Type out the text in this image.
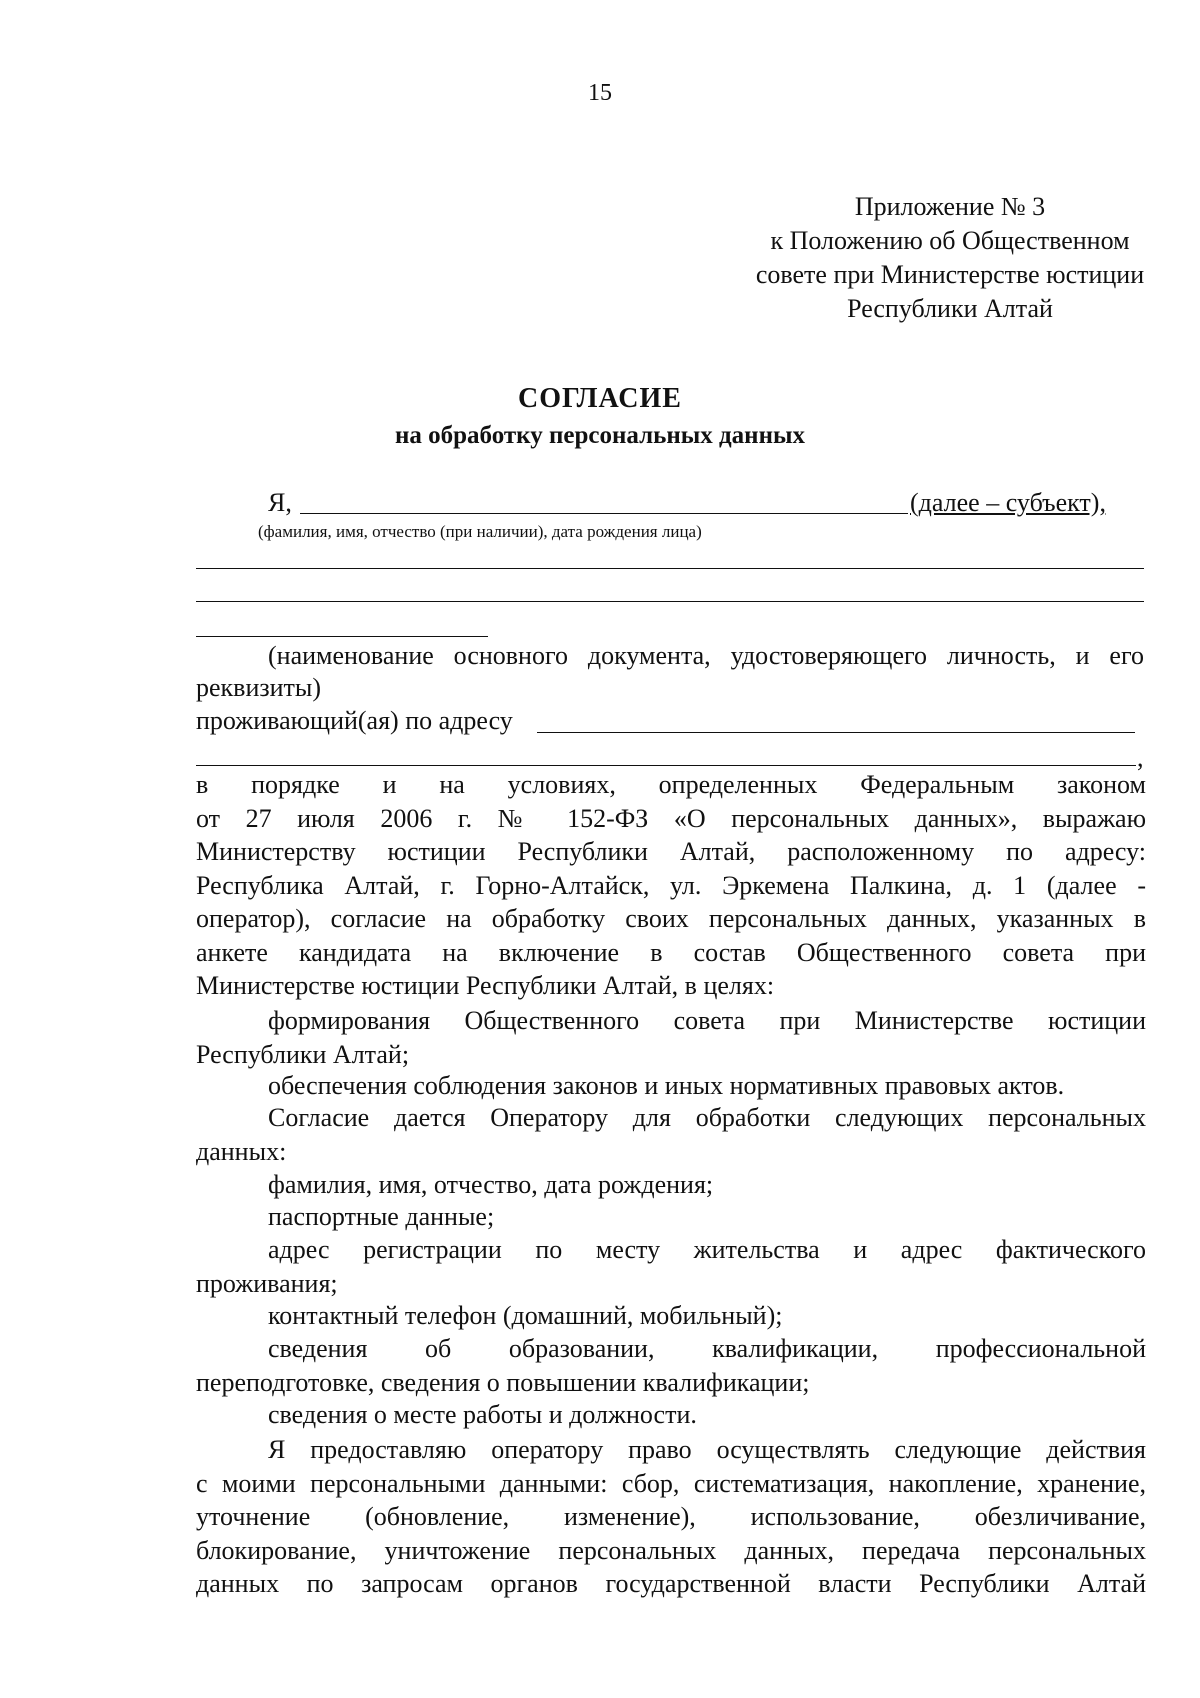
15
Приложение № 3
к Положению об Общественном
совете при Министерстве юстиции
Республики Алтай
СОГЛАСИЕ
на обработку персональных данных
Я,	(далее – субъект),
(фамилия, имя, отчество (при наличии), дата рождения лица)
(наименование основного документа, удостоверяющего личность, и его
реквизиты)
проживающий(ая) по адресу
,
в порядке и на условиях, определенных Федеральным законом
от 27 июля 2006 г. № 152-ФЗ «О персональных данных», выражаю
Министерству юстиции Республики Алтай, расположенному по адресу:
Республика Алтай, г. Горно-Алтайск, ул. Эркемена Палкина, д. 1 (далее -
оператор), согласие на обработку своих персональных данных, указанных в
анкете кандидата на включение в состав Общественного совета при
Министерстве юстиции Республики Алтай, в целях:
формирования Общественного совета при Министерстве юстиции
Республики Алтай;
обеспечения соблюдения законов и иных нормативных правовых актов.
Согласие дается Оператору для обработки следующих персональных
данных:
фамилия, имя, отчество, дата рождения;
паспортные данные;
адрес регистрации по месту жительства и адрес фактического
проживания;
контактный телефон (домашний, мобильный);
сведения об образовании, квалификации, профессиональной
переподготовке, сведения о повышении квалификации;
сведения о месте работы и должности.
Я предоставляю оператору право осуществлять следующие действия
с моими персональными данными: сбор, систематизация, накопление, хранение,
уточнение (обновление, изменение), использование, обезличивание,
блокирование, уничтожение персональных данных, передача персональных
данных по запросам органов государственной власти Республики Алтай
